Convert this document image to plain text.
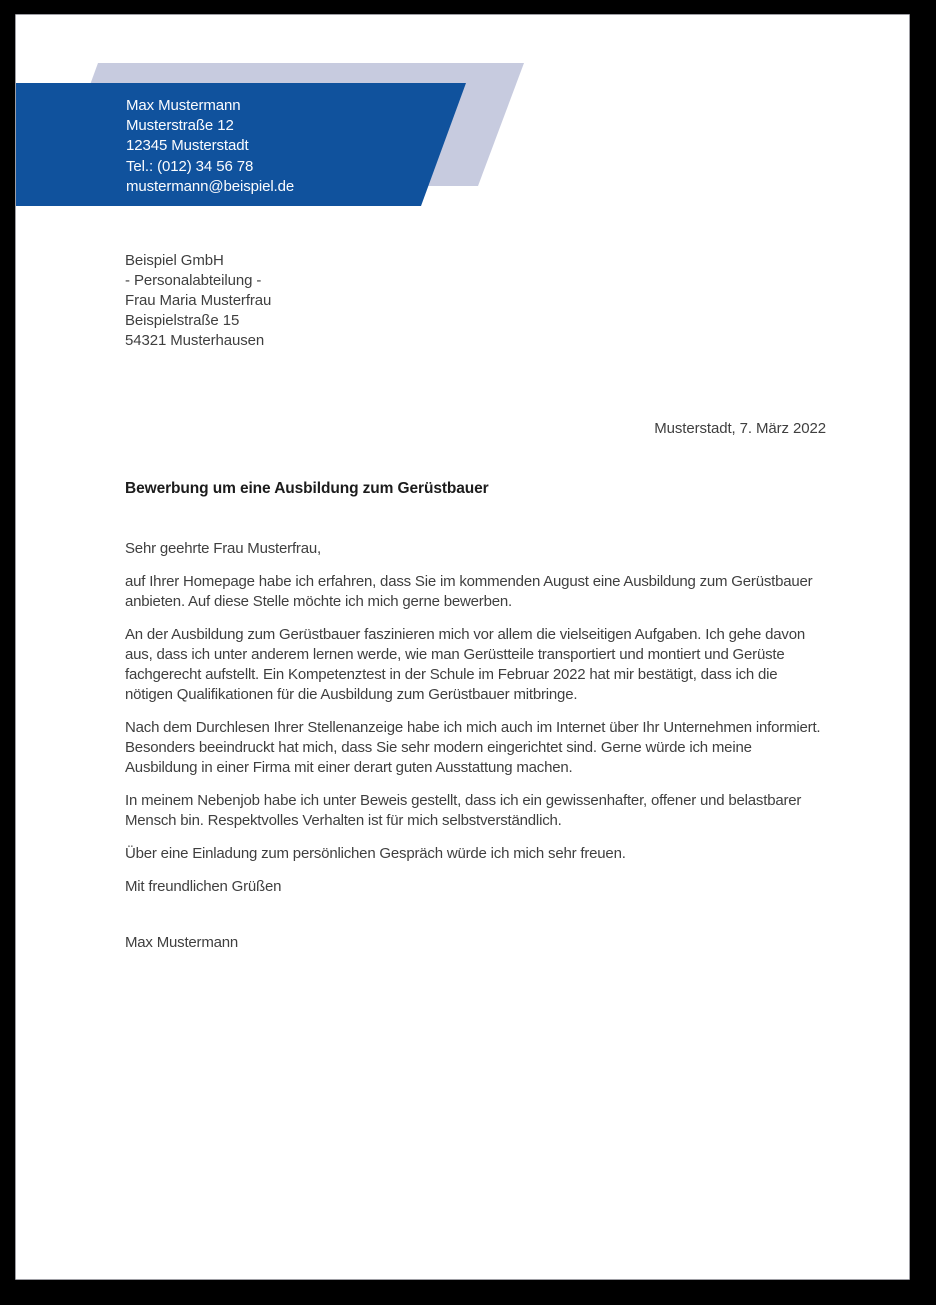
Max Mustermann
Musterstraße 12
12345 Musterstadt
Tel.: (012) 34 56 78
mustermann@beispiel.de
Beispiel GmbH
- Personalabteilung -
Frau Maria Musterfrau
Beispielstraße 15
54321 Musterhausen
Musterstadt, 7. März 2022
Bewerbung um eine Ausbildung zum Gerüstbauer

Sehr geehrte Frau Musterfrau,

auf Ihrer Homepage habe ich erfahren, dass Sie im kommenden August eine Ausbildung zum Gerüstbauer anbieten. Auf diese Stelle möchte ich mich gerne bewerben.

An der Ausbildung zum Gerüstbauer faszinieren mich vor allem die vielseitigen Aufgaben. Ich gehe davon aus, dass ich unter anderem lernen werde, wie man Gerüstteile transportiert und montiert und Gerüste fachgerecht aufstellt. Ein Kompetenztest in der Schule im Februar 2022 hat mir bestätigt, dass ich die nötigen Qualifikationen für die Ausbildung zum Gerüstbauer mitbringe.

Nach dem Durchlesen Ihrer Stellenanzeige habe ich mich auch im Internet über Ihr Unternehmen informiert. Besonders beeindruckt hat mich, dass Sie sehr modern eingerichtet sind. Gerne würde ich meine Ausbildung in einer Firma mit einer derart guten Ausstattung machen.

In meinem Nebenjob habe ich unter Beweis gestellt, dass ich ein gewissenhafter, offener und belastbarer Mensch bin. Respektvolles Verhalten ist für mich selbstverständlich.

Über eine Einladung zum persönlichen Gespräch würde ich mich sehr freuen.

Mit freundlichen Grüßen

Max Mustermann
